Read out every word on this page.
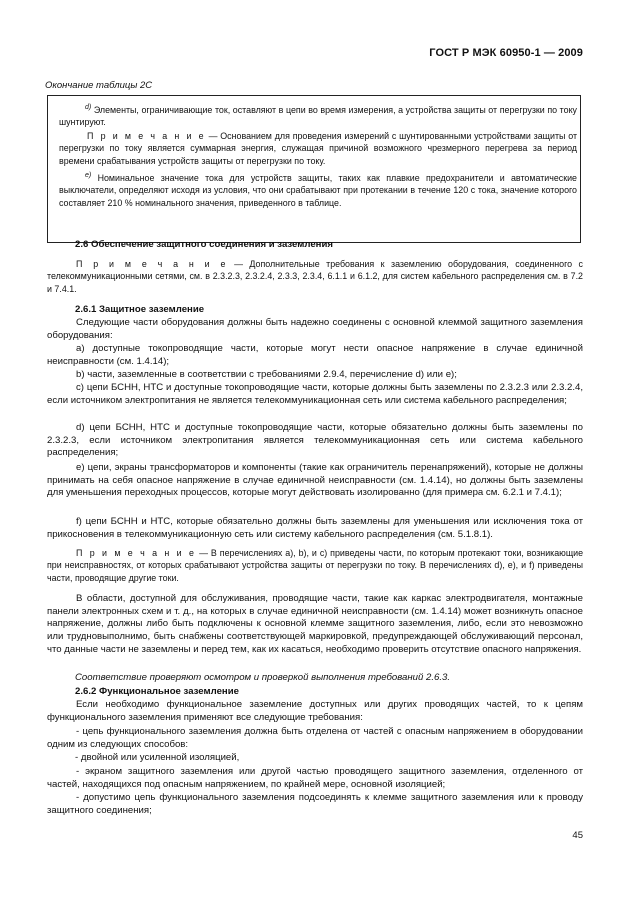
ГОСТ Р МЭК 60950-1 — 2009
Окончание таблицы 2С

$^{d)}$ Элементы, ограничивающие ток, оставляют в цепи во время измерения, а устройства защиты от перегрузки по току шунтируют.

П р и м е ч а н и е — Основанием для проведения измерений с шунтированными устройствами защиты от перегрузки по току является суммарная энергия, служащая причиной возможного чрезмерного перегрева за период времени срабатывания устройств защиты от перегрузки по току.

$^{e)}$ Номинальное значение тока для устройств защиты, таких как плавкие предохранители и автоматические выключатели, определяют исходя из условия, что они срабатывают при протекании в течение 120 с тока, значение которого составляет 210 % номинального значения, приведенного в таблице.

2.6 Обеспечение защитного соединения и заземления

П р и м е ч а н и е — Дополнительные требования к заземлению оборудования, соединенного с телекоммуникационными сетями, см. в 2.3.2.3, 2.3.2.4, 2.3.3, 2.3.4, 6.1.1 и 6.1.2, для систем кабельного распределения см. в 7.2 и 7.4.1.

2.6.1 Защитное заземление

Следующие части оборудования должны быть надежно соединены с основной клеммой защитного заземления оборудования:

а) доступные токопроводящие части, которые могут нести опасное напряжение в случае единичной неисправности (см. 1.4.14);

b) части, заземленные в соответствии с требованиями 2.9.4, перечисление d) или e);

c) цепи БСНН, НТС и доступные токопроводящие части, которые должны быть заземлены по 2.3.2.3 или 2.3.2.4, если источником электропитания не является телекоммуникационная сеть или система кабельного распределения;

d) цепи БСНН, НТС и доступные токопроводящие части, которые обязательно должны быть заземлены по 2.3.2.3, если источником электропитания является телекоммуникационная сеть или система кабельного распределения;

e) цепи, экраны трансформаторов и компоненты (такие как ограничитель перенапряжений), которые не должны принимать на себя опасное напряжение в случае единичной неисправности (см. 1.4.14), но должны быть заземлены для уменьшения переходных процессов, которые могут действовать изолированно (для примера см. 6.2.1 и 7.4.1);

f) цепи БСНН и НТС, которые обязательно должны быть заземлены для уменьшения или исключения тока от прикосновения в телекоммуникационную сеть или систему кабельного распределения (см. 5.1.8.1).

П р и м е ч а н и е — В перечислениях а), b), и c) приведены части, по которым протекают токи, возникающие при неисправностях, от которых срабатывают устройства защиты от перегрузки по току. В перечислениях d), e), и f) приведены части, проводящие другие токи.

В области, доступной для обслуживания, проводящие части, такие как каркас электродвигателя, монтажные панели электронных схем и т. д., на которых в случае единичной неисправности (см. 1.4.14) может возникнуть опасное напряжение, должны либо быть подключены к основной клемме защитного заземления, либо, если это невозможно или трудновыполнимо, быть снабжены соответствующей маркировкой, предупреждающей обслуживающий персонал, что данные части не заземлены и перед тем, как их касаться, необходимо проверить отсутствие опасного напряжения.

Соответствие проверяют осмотром и проверкой выполнения требований 2.6.3.

2.6.2 Функциональное заземление

Если необходимо функциональное заземление доступных или других проводящих частей, то к цепям функционального заземления применяют все следующие требования:

- цепь функционального заземления должна быть отделена от частей с опасным напряжением в оборудовании одним из следующих способов:

- двойной или усиленной изоляцией,

- экраном защитного заземления или другой частью проводящего защитного заземления, отделенного от частей, находящихся под опасным напряжением, по крайней мере, основной изоляцией;

- допустимо цепь функционального заземления подсоединять к клемме защитного заземления или к проводу защитного соединения;

45
